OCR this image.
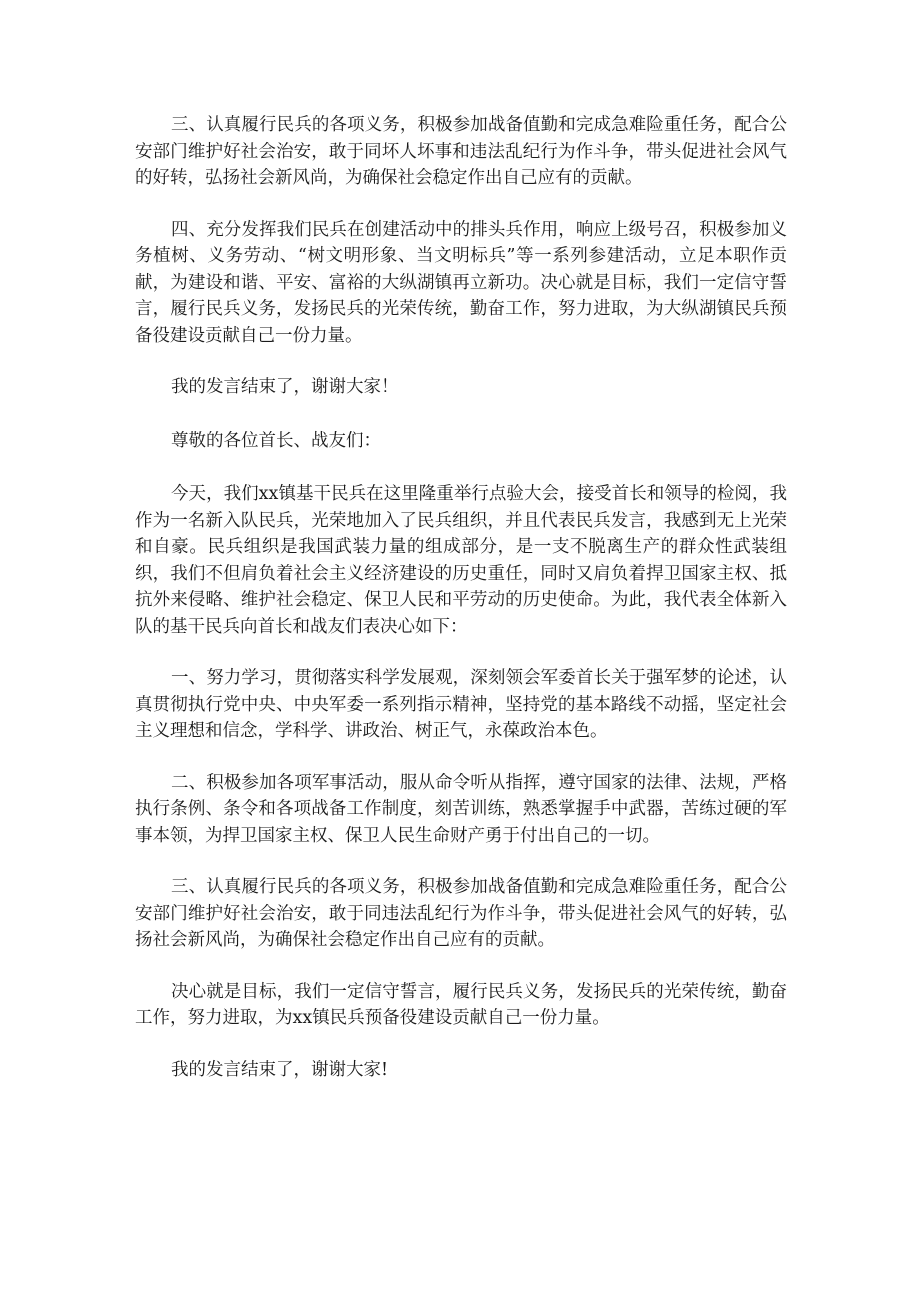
三、认真履行民兵的各项义务，积极参加战备值勤和完成急难险重任务，配合公安部门维护好社会治安，敢于同坏人坏事和违法乱纪行为作斗争，带头促进社会风气的好转，弘扬社会新风尚，为确保社会稳定作出自己应有的贡献。

四、充分发挥我们民兵在创建活动中的排头兵作用，响应上级号召，积极参加义务植树、义务劳动、“树文明形象、当文明标兵”等一系列参建活动，立足本职作贡献，为建设和谐、平安、富裕的大纵湖镇再立新功。决心就是目标，我们一定信守誓言，履行民兵义务，发扬民兵的光荣传统，勤奋工作，努力进取，为大纵湖镇民兵预备役建设贡献自己一份力量。

我的发言结束了，谢谢大家！

尊敬的各位首长、战友们：

今天，我们xx镇基干民兵在这里隆重举行点验大会，接受首长和领导的检阅，我作为一名新入队民兵，光荣地加入了民兵组织，并且代表民兵发言，我感到无上光荣和自豪。民兵组织是我国武装力量的组成部分，是一支不脱离生产的群众性武装组织，我们不但肩负着社会主义经济建设的历史重任，同时又肩负着捍卫国家主权、抵抗外来侵略、维护社会稳定、保卫人民和平劳动的历史使命。为此，我代表全体新入队的基干民兵向首长和战友们表决心如下：

一、努力学习，贯彻落实科学发展观，深刻领会军委首长关于强军梦的论述，认真贯彻执行党中央、中央军委一系列指示精神，坚持党的基本路线不动摇，坚定社会主义理想和信念，学科学、讲政治、树正气，永葆政治本色。

二、积极参加各项军事活动，服从命令听从指挥，遵守国家的法律、法规，严格执行条例、条令和各项战备工作制度，刻苦训练，熟悉掌握手中武器，苦练过硬的军事本领，为捍卫国家主权、保卫人民生命财产勇于付出自己的一切。

三、认真履行民兵的各项义务，积极参加战备值勤和完成急难险重任务，配合公安部门维护好社会治安，敢于同违法乱纪行为作斗争，带头促进社会风气的好转，弘扬社会新风尚，为确保社会稳定作出自己应有的贡献。

决心就是目标，我们一定信守誓言，履行民兵义务，发扬民兵的光荣传统，勤奋工作，努力进取，为xx镇民兵预备役建设贡献自己一份力量。

我的发言结束了，谢谢大家!
